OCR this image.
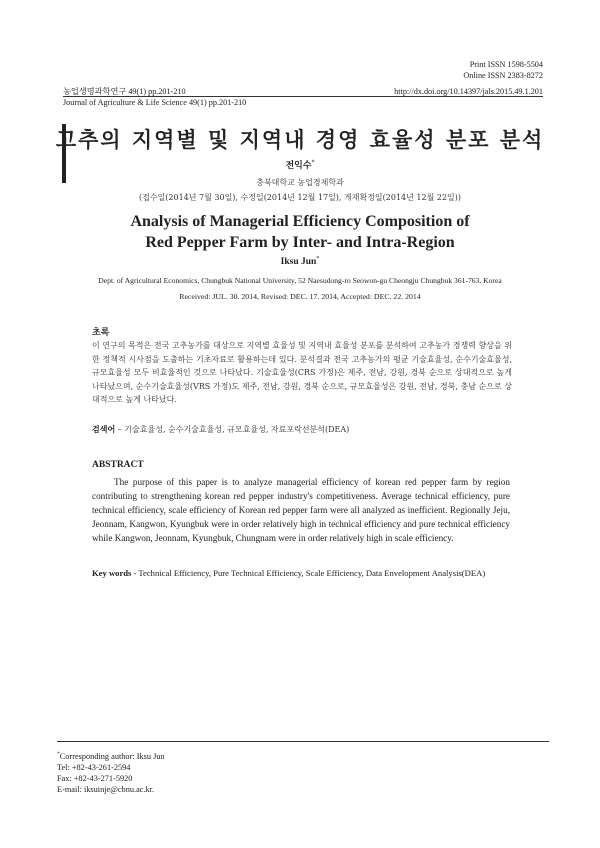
Print ISSN 1598-5504
Online ISSN 2383-8272
농업생명과학연구 49(1) pp.201-210	http://dx.doi.org/10.14397/jals.2015.49.1.201
Journal of Agriculture & Life Science 49(1) pp.201-210
고추의 지역별 및 지역내 경영 효율성 분포 분석
전익수*
충북대학교 농업경제학과
(접수일(2014년 7월 30일), 수정일(2014년 12월 17일), 게재확정일(2014년 12월 22일))
Analysis of Managerial Efficiency Composition of
Red Pepper Farm by Inter- and Intra-Region
Iksu Jun*
Dept. of Agricultural Economics, Chungbuk National University, 52 Naesudong-ro Seowon-gu Cheongju Chungbuk 361-763, Korea
Received: JUL. 30. 2014, Revised: DEC. 17. 2014, Accepted: DEC. 22. 2014
초록
이 연구의 목적은 전국 고추농가를 대상으로 지역별 효율성 및 지역내 효율성 분포를 분석하여 고추농가 경쟁력 향상을 위한 정책적 시사점을 도출하는 기초자료로 활용하는데 있다. 분석결과 전국 고추농가의 평균 기술효율성, 순수기술효율성, 규모효율성 모두 비효율적인 것으로 나타났다. 기술효율성(CRS 가정)은 제주, 전남, 강원, 경북 순으로 상대적으로 높게 나타났으며, 순수기술효율성(VRS 가정)도 제주, 전남, 강원, 경북 순으로, 규모효율성은 강원, 전남, 경북, 충남 순으로 상대적으로 높게 나타났다.
검색어 – 기술효율성, 순수기술효율성, 규모효율성, 자료포락선분석(DEA)
ABSTRACT
The purpose of this paper is to analyze managerial efficiency of korean red pepper farm by region contributing to strengthening korean red pepper industry's competitiveness. Average technical efficiency, pure technical efficiency, scale efficiency of Korean red pepper farm were all analyzed as inefficient. Regionally Jeju, Jeonnam, Kangwon, Kyungbuk were in order relatively high in technical efficiency and pure technical efficiency while Kangwon, Jeonnam, Kyungbuk, Chungnam were in order relatively high in scale efficiency.
Key words - Technical Efficiency, Pure Technical Efficiency, Scale Efficiency, Data Envelopment Analysis(DEA)
*Corresponding author: Iksu Jun
Tel: +82-43-261-2594
Fax: +82-43-271-5920
E-mail: iksuinje@cbnu.ac.kr.
